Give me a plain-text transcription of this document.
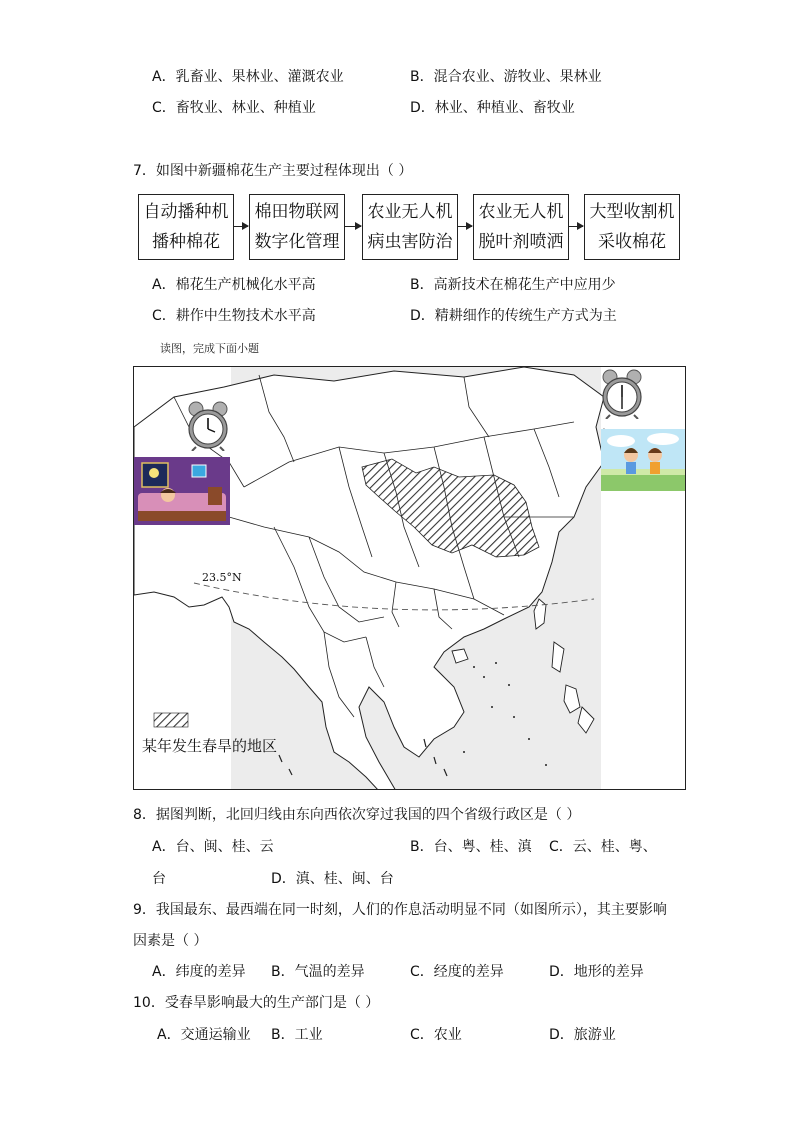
A．乳畜业、果林业、灌溉农业	B．混合农业、游牧业、果林业
C．畜牧业、林业、种植业	D．林业、种植业、畜牧业
7．如图中新疆棉花生产主要过程体现出（ ）
自动播种机
播种棉花
棉田物联网
数字化管理
农业无人机
病虫害防治
农业无人机
脱叶剂喷洒
大型收割机
采收棉花
A．棉花生产机械化水平高	B．高新技术在棉花生产中应用少
C．耕作中生物技术水平高	D．精耕细作的传统生产方式为主
读图，完成下面小题
23.5°N
某年发生春旱的地区
8．据图判断，北回归线由东向西依次穿过我国的四个省级行政区是（ ）
A．台、闽、桂、云	B．台、粤、桂、滇 C．云、桂、粤、
台	D．滇、桂、闽、台
9．我国最东、最西端在同一时刻，人们的作息活动明显不同（如图所示），其主要影响
因素是（ ）
A．纬度的差异 B．气温的差异	C．经度的差异	D．地形的差异
10．受春旱影响最大的生产部门是（ ）
A．交通运输业 B．工业	C．农业	D．旅游业
